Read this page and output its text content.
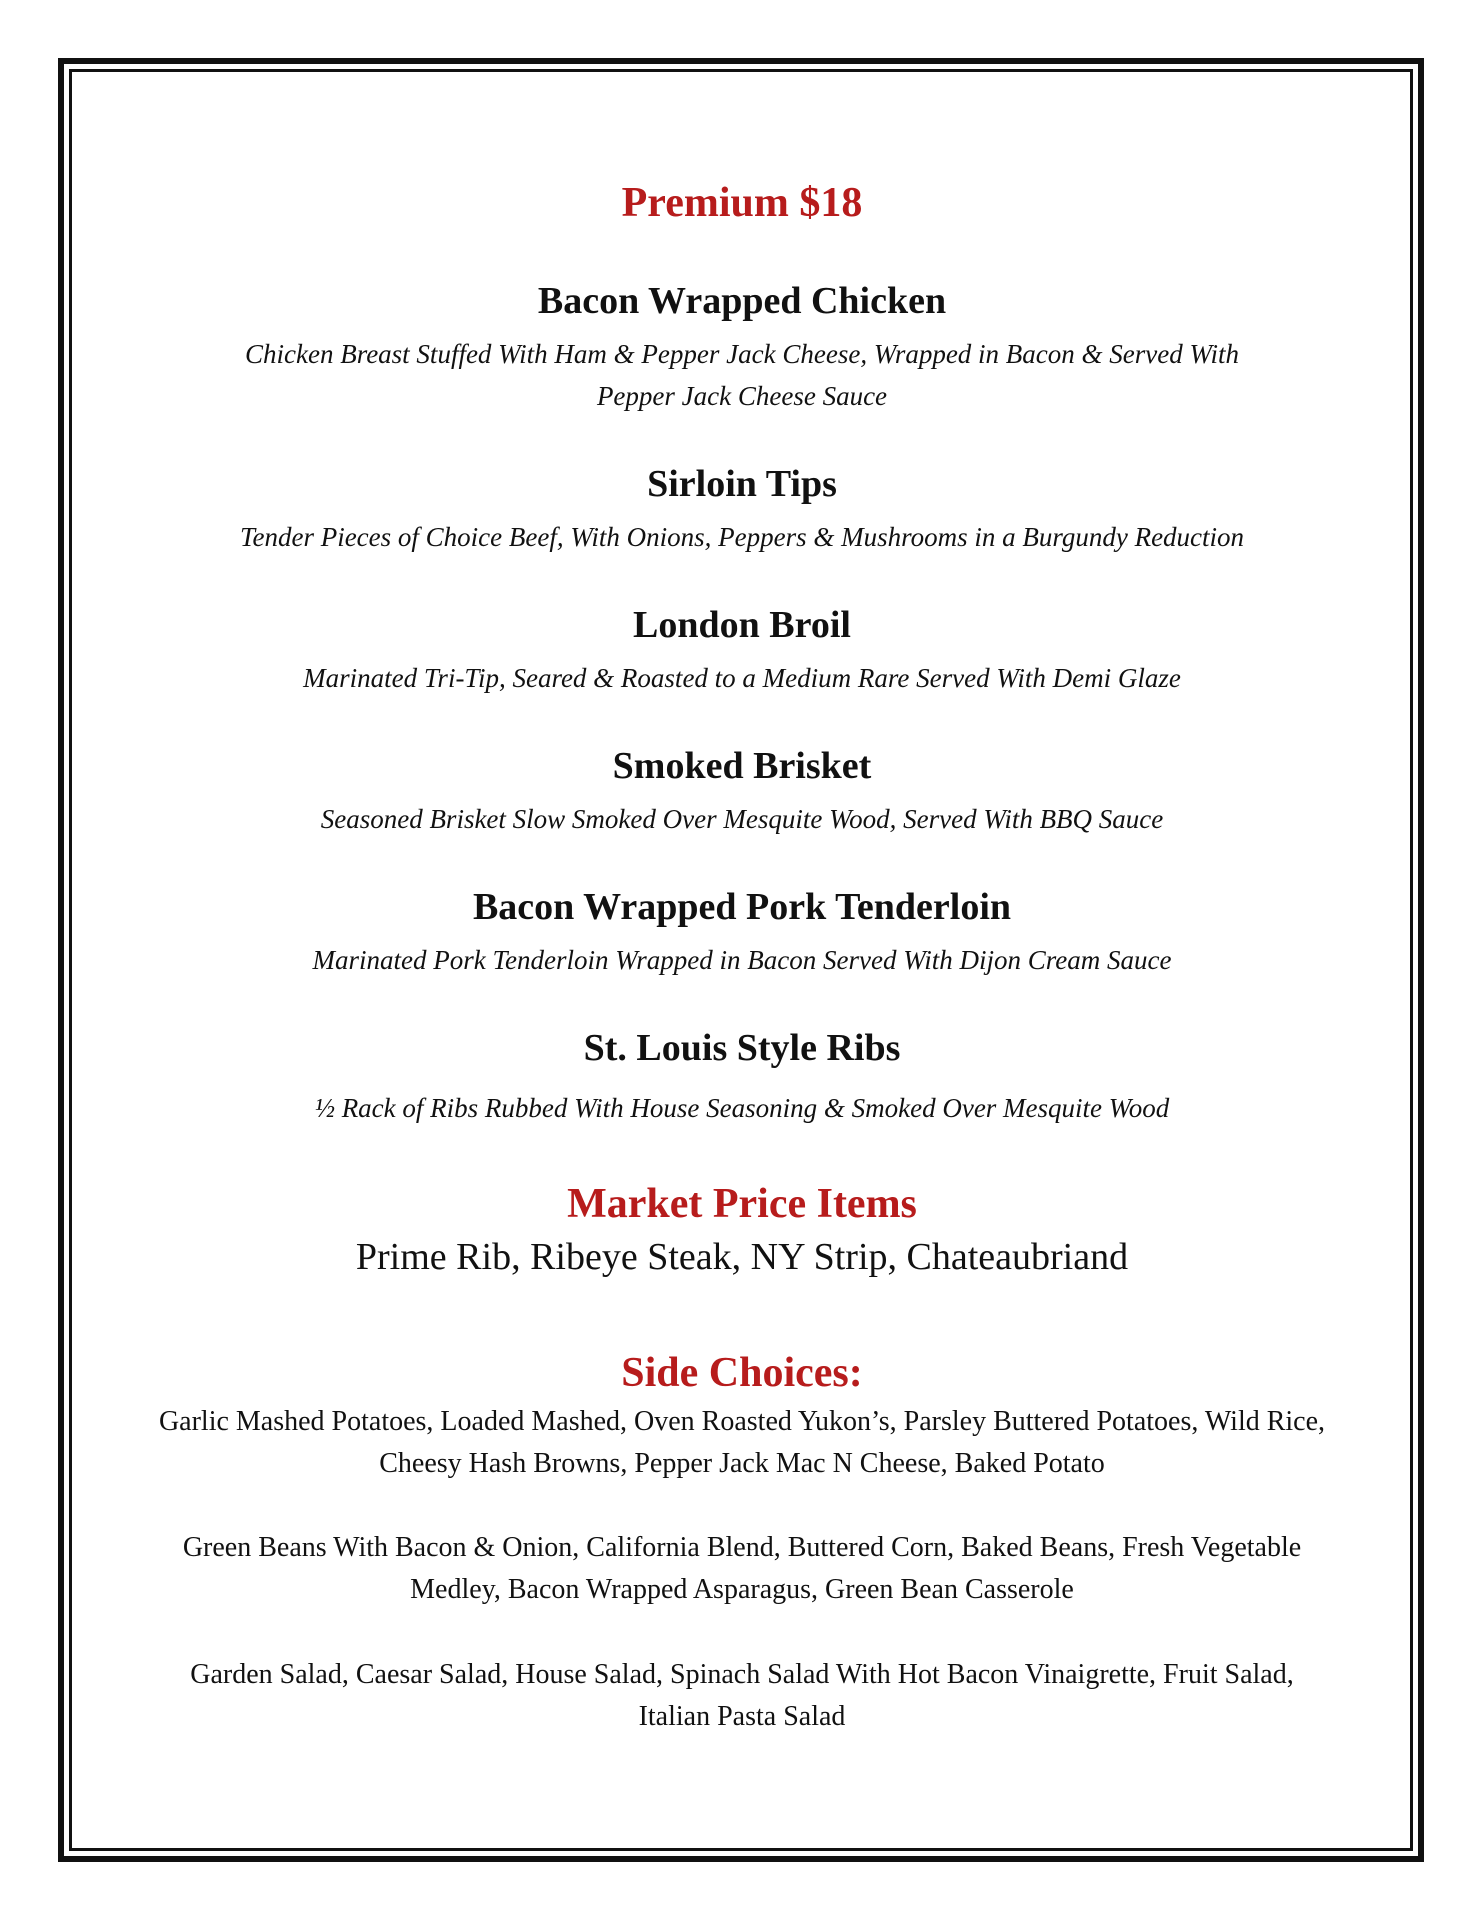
Premium $18
Bacon Wrapped Chicken

Chicken Breast Stuffed With Ham & Pepper Jack Cheese, Wrapped in Bacon & Served With Pepper Jack Cheese Sauce

Sirloin Tips

Tender Pieces of Choice Beef, With Onions, Peppers & Mushrooms in a Burgundy Reduction

London Broil

Marinated Tri-Tip, Seared & Roasted to a Medium Rare Served With Demi Glaze

Smoked Brisket

Seasoned Brisket Slow Smoked Over Mesquite Wood, Served With BBQ Sauce

Bacon Wrapped Pork Tenderloin

Marinated Pork Tenderloin Wrapped in Bacon Served With Dijon Cream Sauce

St. Louis Style Ribs

½ Rack of Ribs Rubbed With House Seasoning & Smoked Over Mesquite Wood

Market Price Items

Prime Rib, Ribeye Steak, NY Strip, Chateaubriand

Side Choices:

Garlic Mashed Potatoes, Loaded Mashed, Oven Roasted Yukon’s, Parsley Buttered Potatoes, Wild Rice, Cheesy Hash Browns, Pepper Jack Mac N Cheese, Baked Potato

Green Beans With Bacon & Onion, California Blend, Buttered Corn, Baked Beans, Fresh Vegetable Medley, Bacon Wrapped Asparagus, Green Bean Casserole

Garden Salad, Caesar Salad, House Salad, Spinach Salad With Hot Bacon Vinaigrette, Fruit Salad, Italian Pasta Salad
